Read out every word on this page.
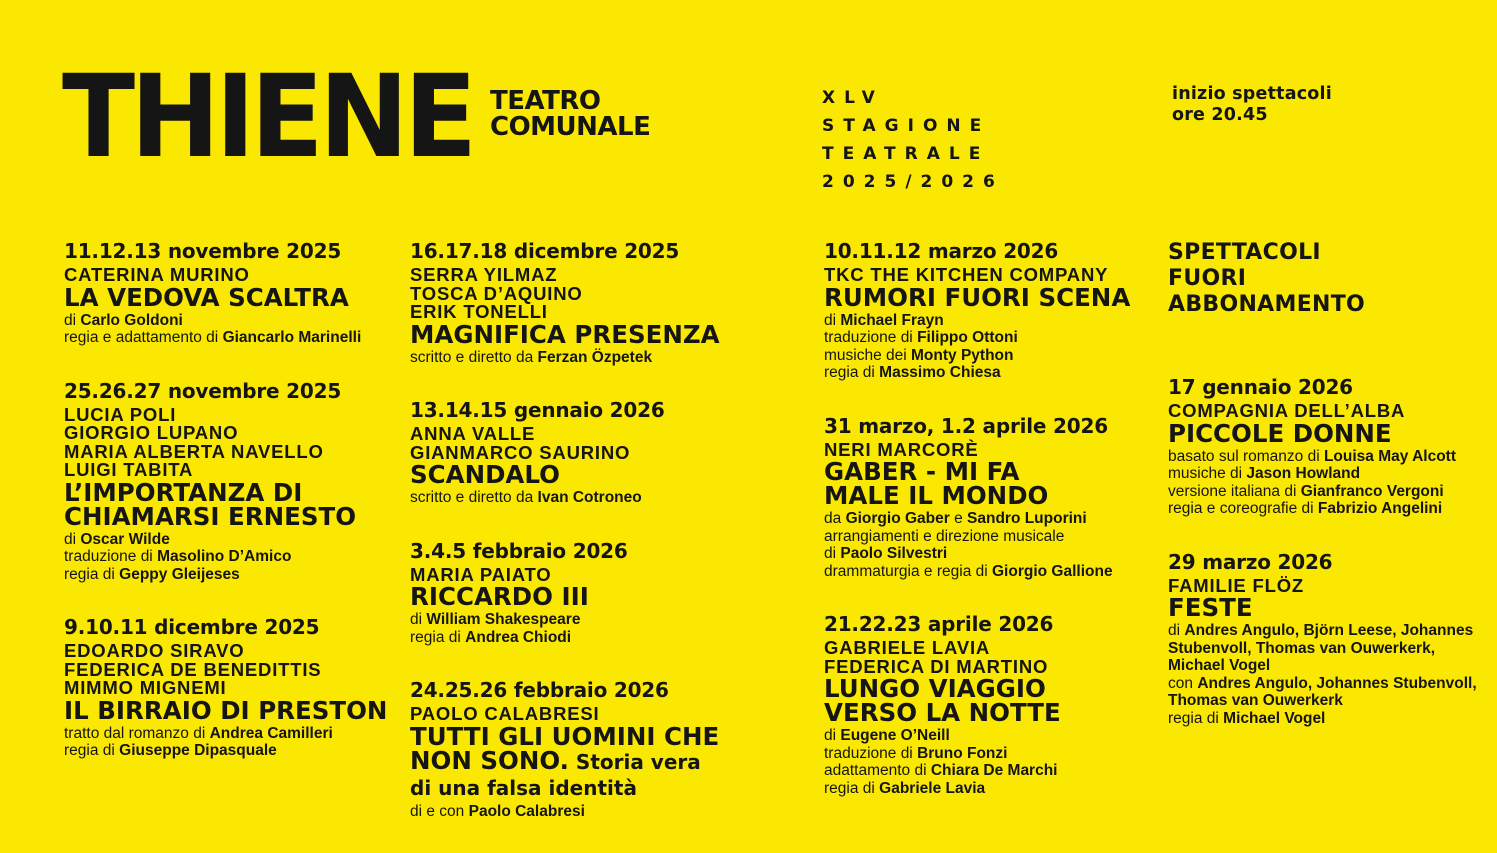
THIENE TEATRO
COMUNALE
XLV
STAGIONE
TEATRALE
2025/2026
inizio spettacoli
ore 20.45
11.12.13 novembre 2025
CATERINA MURINO
LA VEDOVA SCALTRA
di Carlo Goldoni
regia e adattamento di Giancarlo Marinelli
25.26.27 novembre 2025
LUCIA POLI
GIORGIO LUPANO
MARIA ALBERTA NAVELLO
LUIGI TABITA
L’IMPORTANZA DI
CHIAMARSI ERNESTO
di Oscar Wilde
traduzione di Masolino D’Amico
regia di Geppy Gleijeses
9.10.11 dicembre 2025
EDOARDO SIRAVO
FEDERICA DE BENEDITTIS
MIMMO MIGNEMI
IL BIRRAIO DI PRESTON
tratto dal romanzo di Andrea Camilleri
regia di Giuseppe Dipasquale
16.17.18 dicembre 2025
SERRA YILMAZ
TOSCA D’AQUINO
ERIK TONELLI
MAGNIFICA PRESENZA
scritto e diretto da Ferzan Özpetek
13.14.15 gennaio 2026
ANNA VALLE
GIANMARCO SAURINO
SCANDALO
scritto e diretto da Ivan Cotroneo
3.4.5 febbraio 2026
MARIA PAIATO
RICCARDO III
di William Shakespeare
regia di Andrea Chiodi
24.25.26 febbraio 2026
PAOLO CALABRESI
TUTTI GLI UOMINI CHE
NON SONO. Storia vera
di una falsa identità
di e con Paolo Calabresi
10.11.12 marzo 2026
TKC THE KITCHEN COMPANY
RUMORI FUORI SCENA
di Michael Frayn
traduzione di Filippo Ottoni
musiche dei Monty Python
regia di Massimo Chiesa
31 marzo, 1.2 aprile 2026
NERI MARCORÈ
GABER - MI FA
MALE IL MONDO
da Giorgio Gaber e Sandro Luporini
arrangiamenti e direzione musicale
di Paolo Silvestri
drammaturgia e regia di Giorgio Gallione
21.22.23 aprile 2026
GABRIELE LAVIA
FEDERICA DI MARTINO
LUNGO VIAGGIO
VERSO LA NOTTE
di Eugene O’Neill
traduzione di Bruno Fonzi
adattamento di Chiara De Marchi
regia di Gabriele Lavia
SPETTACOLI
FUORI
ABBONAMENTO
17 gennaio 2026
COMPAGNIA DELL’ALBA
PICCOLE DONNE
basato sul romanzo di Louisa May Alcott
musiche di Jason Howland
versione italiana di Gianfranco Vergoni
regia e coreografie di Fabrizio Angelini
29 marzo 2026
FAMILIE FLÖZ
FESTE
di Andres Angulo, Björn Leese, Johannes Stubenvoll, Thomas van Ouwerkerk, Michael Vogel
con Andres Angulo, Johannes Stubenvoll, Thomas van Ouwerkerk
regia di Michael Vogel
